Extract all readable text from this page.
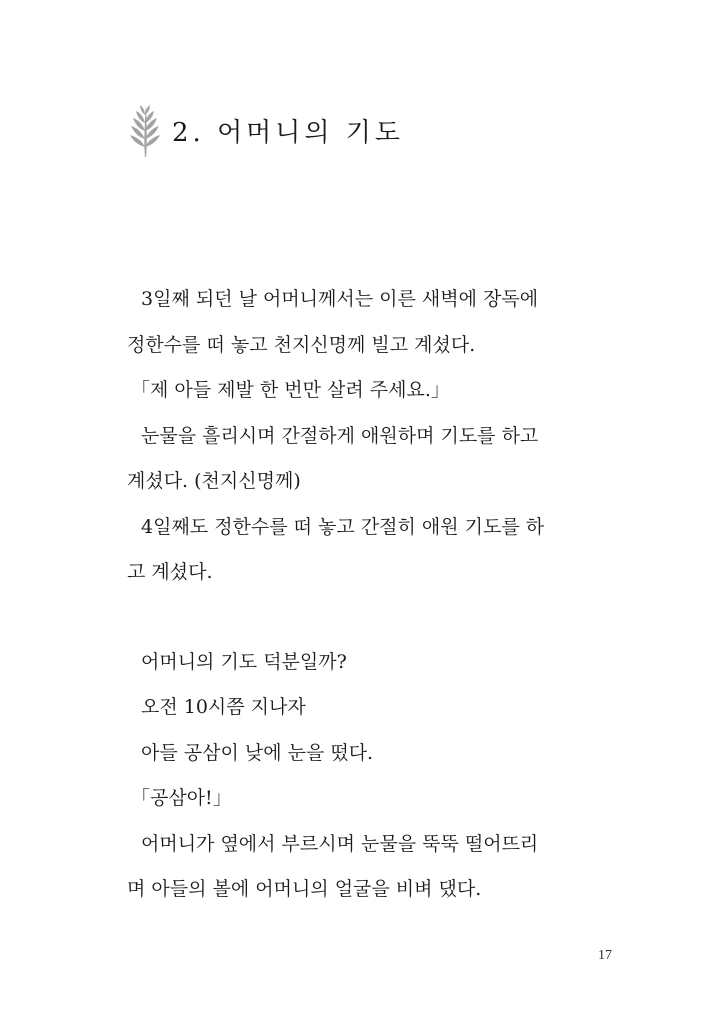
2. 어머니의 기도
3일째 되던 날 어머니께서는 이른 새벽에 장독에
정한수를 떠 놓고 천지신명께 빌고 계셨다.
「제 아들 제발 한 번만 살려 주세요.」
눈물을 흘리시며 간절하게 애원하며 기도를 하고
계셨다. (천지신명께)
4일째도 정한수를 떠 놓고 간절히 애원 기도를 하
고 계셨다.
어머니의 기도 덕분일까?
오전 10시쯤 지나자
아들 공삼이 낮에 눈을 떴다.
「공삼아!」
어머니가 옆에서 부르시며 눈물을 뚝뚝 떨어뜨리
며 아들의 볼에 어머니의 얼굴을 비벼 댔다.
17
